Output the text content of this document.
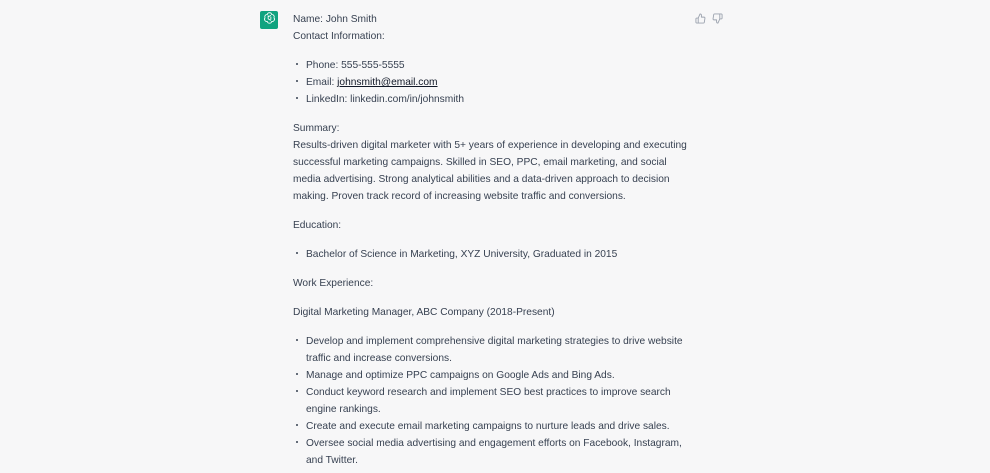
Name: John Smith

Contact Information:

Phone: 555-555-5555
Email: johnsmith@email.com
LinkedIn: linkedin.com/in/johnsmith

Summary:

Results-driven digital marketer with 5+ years of experience in developing and executing successful marketing campaigns. Skilled in SEO, PPC, email marketing, and social media advertising. Strong analytical abilities and a data-driven approach to decision making. Proven track record of increasing website traffic and conversions.

Education:

Bachelor of Science in Marketing, XYZ University, Graduated in 2015

Work Experience:

Digital Marketing Manager, ABC Company (2018-Present)

Develop and implement comprehensive digital marketing strategies to drive website traffic and increase conversions.
Manage and optimize PPC campaigns on Google Ads and Bing Ads.
Conduct keyword research and implement SEO best practices to improve search engine rankings.
Create and execute email marketing campaigns to nurture leads and drive sales.
Oversee social media advertising and engagement efforts on Facebook, Instagram, and Twitter.
